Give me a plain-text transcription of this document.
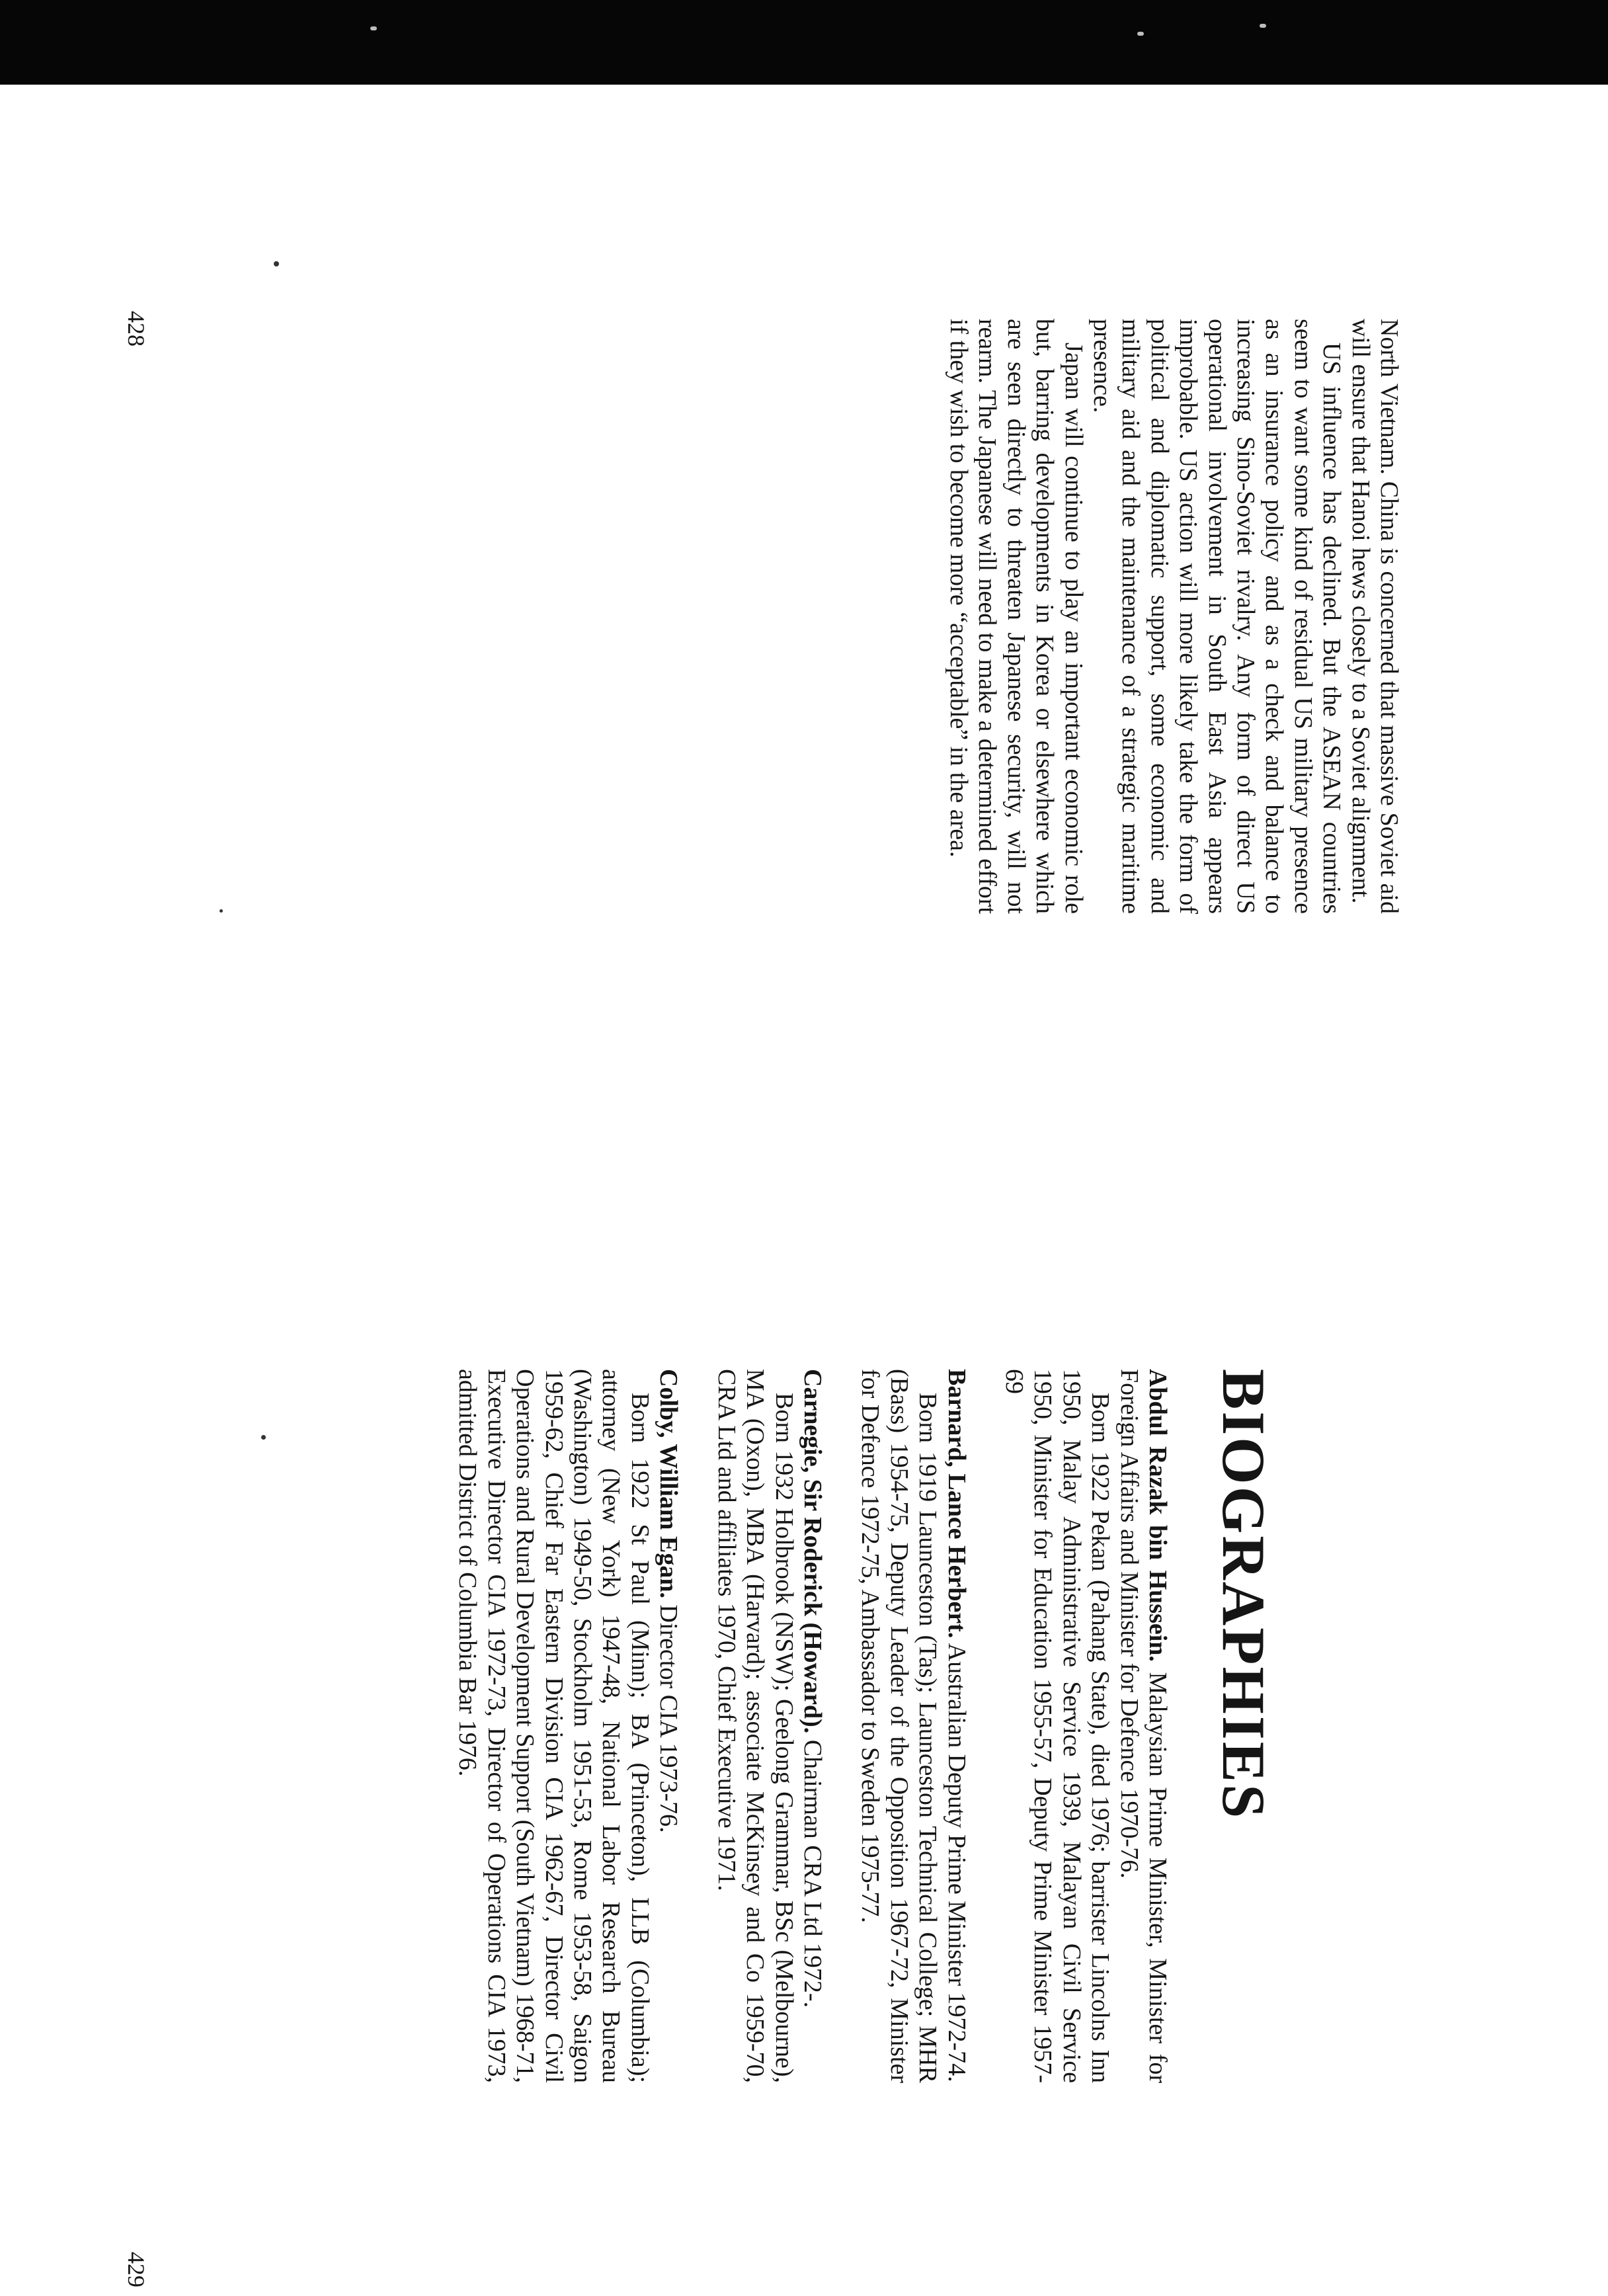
North Vietnam. China is concerned that massive Soviet aid will ensure that Hanoi hews closely to a Soviet alignment.

US influence has declined. But the ASEAN countries seem to want some kind of residual US military presence as an insurance policy and as a check and balance to increasing Sino-Soviet rivalry. Any form of direct US operational involvement in South East Asia appears improbable. US action will more likely take the form of political and diplomatic support, some economic and military aid and the maintenance of a strategic maritime presence.

Japan will continue to play an important economic role but, barring developments in Korea or elsewhere which are seen directly to threaten Japanese security, will not rearm. The Japanese will need to make a determined effort if they wish to become more “acceptable” in the area.

428
BIOGRAPHIES

Abdul Razak bin Hussein. Malaysian Prime Minister, Minister for Foreign Affairs and Minister for Defence 1970-76.

Born 1922 Pekan (Pahang State), died 1976; barrister Lincolns Inn 1950, Malay Administrative Service 1939, Malayan Civil Service 1950, Minister for Education 1955-57, Deputy Prime Minister 1957-69

Barnard, Lance Herbert. Australian Deputy Prime Minister 1972-74.

Born 1919 Launceston (Tas); Launceston Technical College; MHR (Bass) 1954-75, Deputy Leader of the Opposition 1967-72, Minister for Defence 1972-75, Ambassador to Sweden 1975-77.

Carnegie, Sir Roderick (Howard). Chairman CRA Ltd 1972-.

Born 1932 Holbrook (NSW); Geelong Grammar, BSc (Melbourne), MA (Oxon), MBA (Harvard); associate McKinsey and Co 1959-70, CRA Ltd and affiliates 1970, Chief Executive 1971.

Colby, William Egan. Director CIA 1973-76.

Born 1922 St Paul (Minn); BA (Princeton), LLB (Columbia); attorney (New York) 1947-48, National Labor Research Bureau (Washington) 1949-50, Stockholm 1951-53, Rome 1953-58, Saigon 1959-62, Chief Far Eastern Division CIA 1962-67, Director Civil Operations and Rural Development Support (South Vietnam) 1968-71, Executive Director CIA 1972-73, Director of Operations CIA 1973, admitted District of Columbia Bar 1976.

429
